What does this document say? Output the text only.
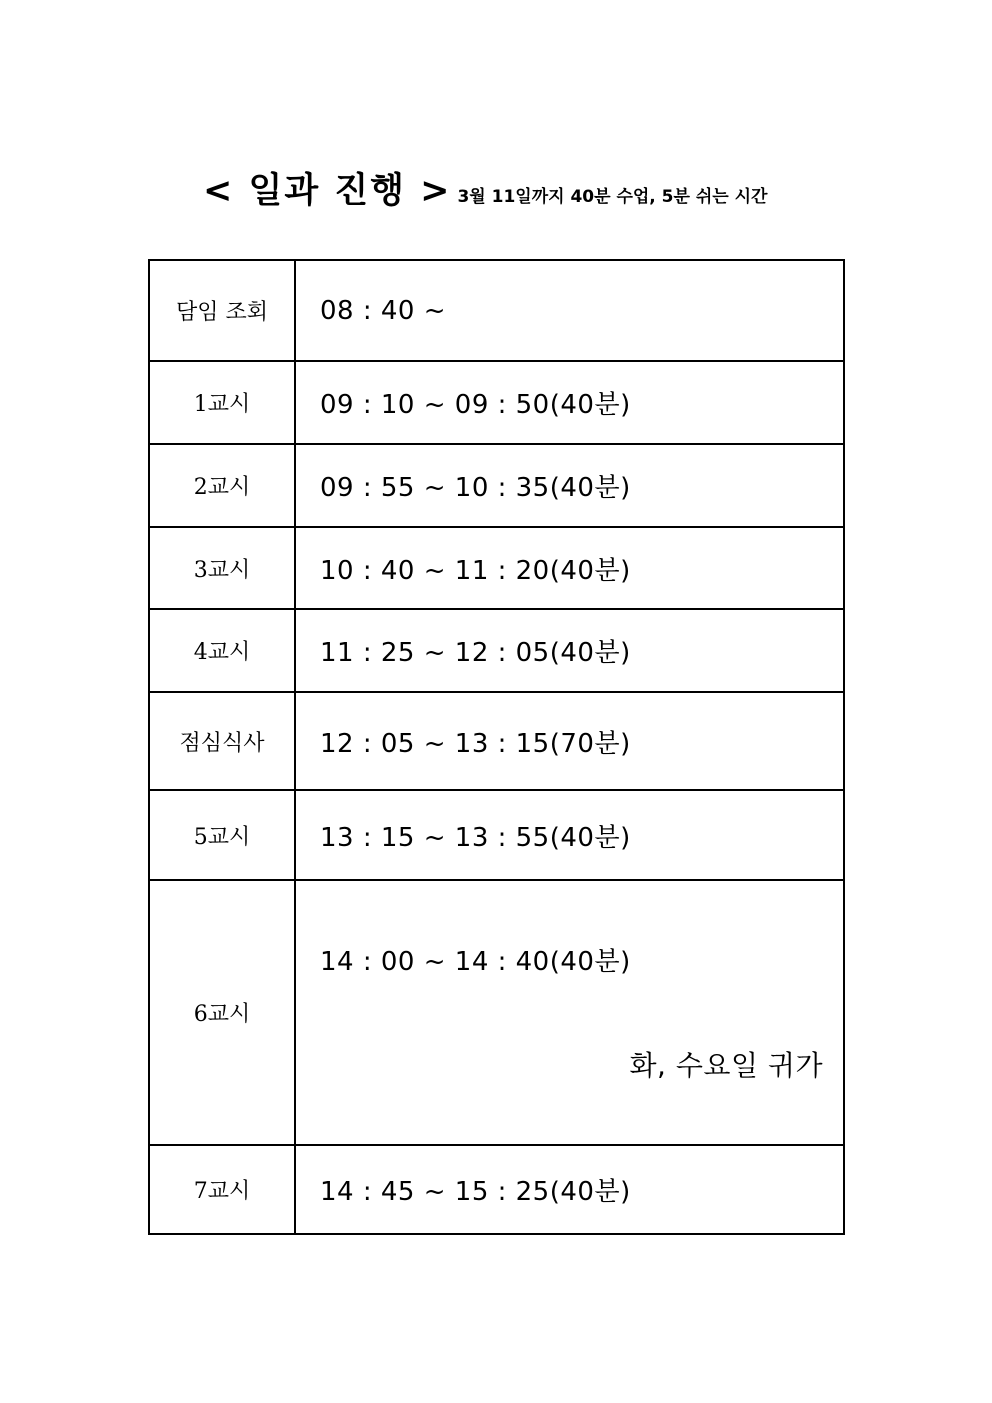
< 일과 진행 > 3월 11일까지 40분 수업, 5분 쉬는 시간
담임 조회	08 : 40 ~
1교시	09 : 10 ~ 09 : 50(40분)
2교시	09 : 55 ~ 10 : 35(40분)
3교시	10 : 40 ~ 11 : 20(40분)
4교시	11 : 25 ~ 12 : 05(40분)
점심식사	12 : 05 ~ 13 : 15(70분)
5교시	13 : 15 ~ 13 : 55(40분)
6교시	14 : 00 ~ 14 : 40(40분)

화, 수요일 귀가

7교시	14 : 45 ~ 15 : 25(40분)
